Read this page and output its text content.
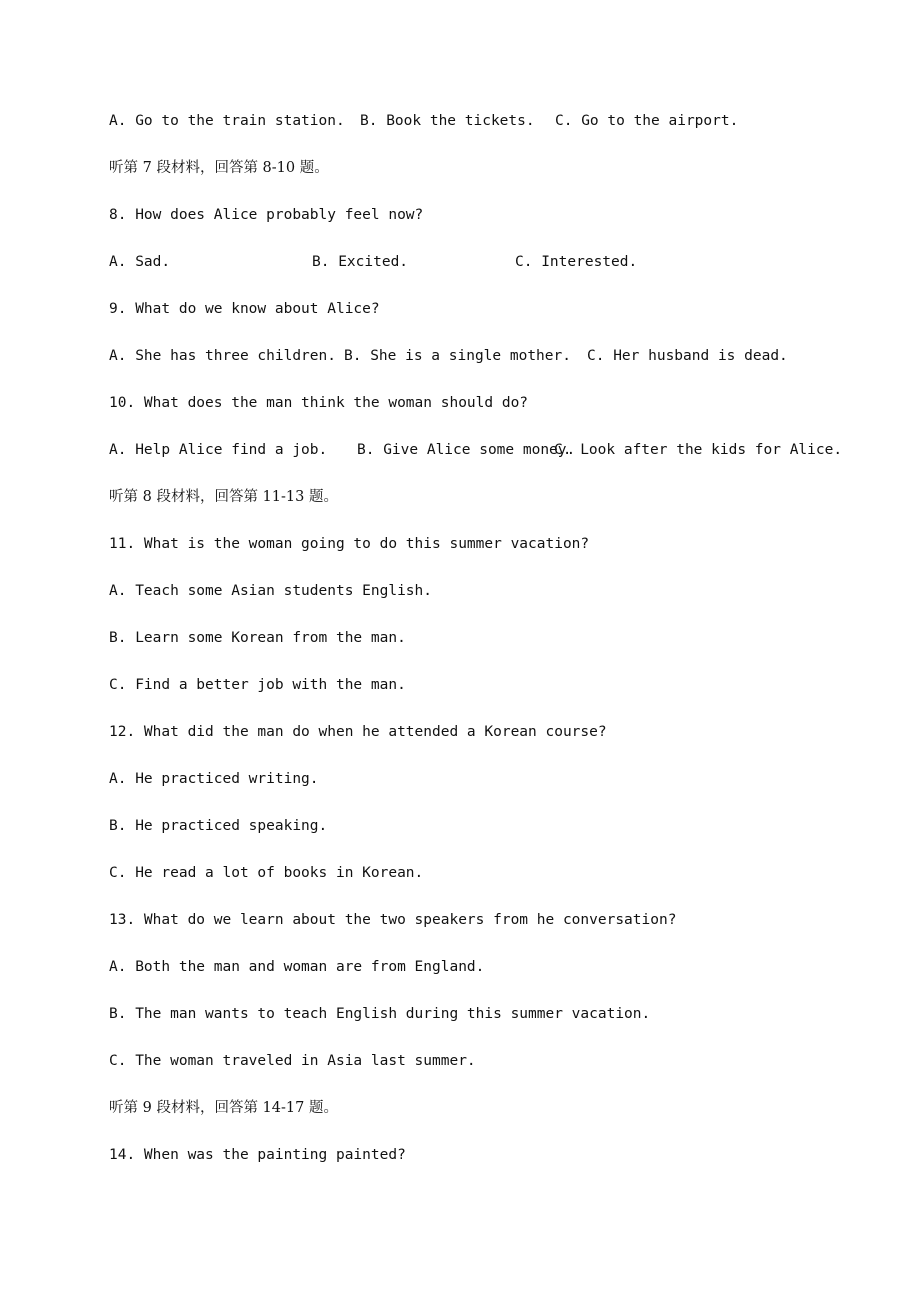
A. Go to the train station.

B. Book the tickets.

C. Go to the airport.

听第 7 段材料，回答第 8-10 题。
8. How does Alice probably feel now?

A. Sad.

	B. Excited.

	C. Interested.

9. What do we know about Alice?

A. She has three children.

B. She is a single mother.

C. Her husband is dead.

10. What does the man think the woman should do?

A. Help Alice find a job.

B. Give Alice some money.

C. Look after the kids for Alice.

听第 8 段材料，回答第 11-13 题。
11. What is the woman going to do this summer vacation?
A. Teach some Asian students English.
B. Learn some Korean from the man.
C. Find a better job with the man.
12. What did the man do when he attended a Korean course?
A. He practiced writing.
B. He practiced speaking.
C. He read a lot of books in Korean.
13. What do we learn about the two speakers from he conversation?
A. Both the man and woman are from England.
B. The man wants to teach English during this summer vacation.
C. The woman traveled in Asia last summer.
听第 9 段材料，回答第 14-17 题。
14. When was the painting painted?
